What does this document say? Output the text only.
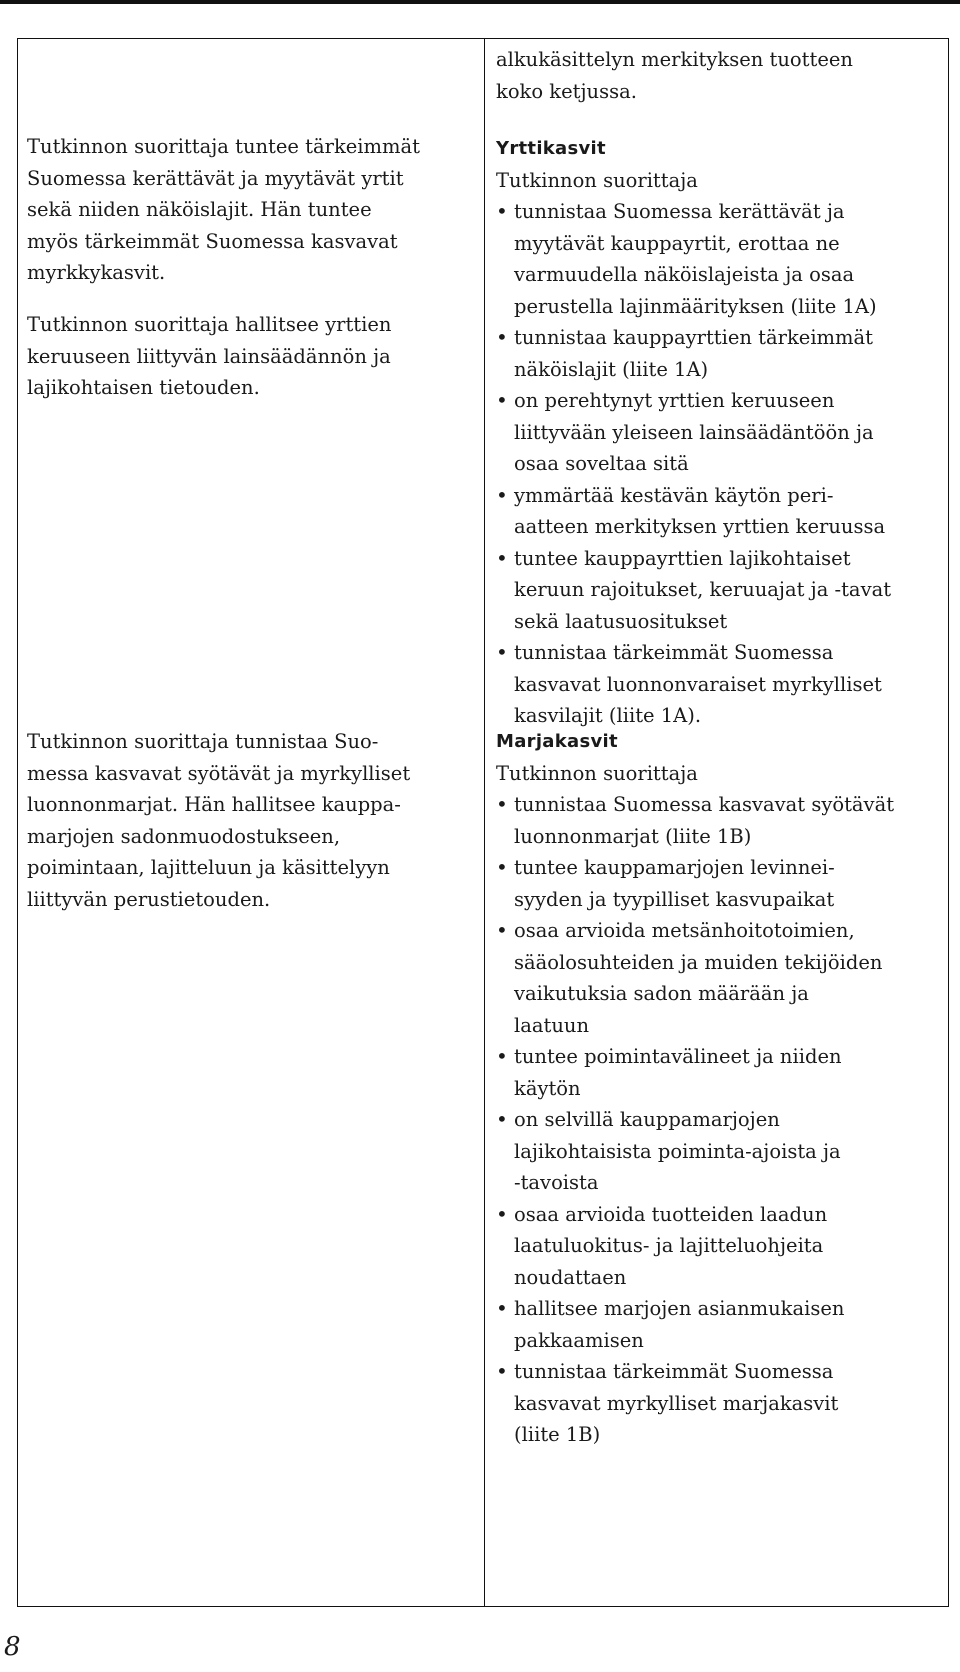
Tutkinnon suorittaja tuntee tärkeimmät
Suomessa kerättävät ja myytävät yrtit
sekä niiden näköislajit. Hän tuntee
myös tärkeimmät Suomessa kasvavat
myrkkykasvit.

Tutkinnon suorittaja hallitsee yrttien
keruuseen liittyvän lainsäädännön ja
lajikohtaisen tietouden.

Tutkinnon suorittaja tunnistaa Suo-
messa kasvavat syötävät ja myrkylliset
luonnonmarjat. Hän hallitsee kauppa-
marjojen sadonmuodostukseen,
poimintaan, lajitteluun ja käsittelyyn
liittyvän perustietouden.

alkukäsittelyn merkityksen tuotteen
koko ketjussa.
Yrttikasvit
Tutkinnon suorittaja
• tunnistaa Suomessa kerättävät ja
myytävät kauppayrtit, erottaa ne
varmuudella näköislajeista ja osaa
perustella lajinmäärityksen (liite 1A)
• tunnistaa kauppayrttien tärkeimmät
näköislajit (liite 1A)
• on perehtynyt yrttien keruuseen
liittyvään yleiseen lainsäädäntöön ja
osaa soveltaa sitä
• ymmärtää kestävän käytön peri-
aatteen merkityksen yrttien keruussa
• tuntee kauppayrttien lajikohtaiset
keruun rajoitukset, keruuajat ja -tavat
sekä laatusuositukset
• tunnistaa tärkeimmät Suomessa
kasvavat luonnonvaraiset myrkylliset
kasvilajit (liite 1A).
Marjakasvit
Tutkinnon suorittaja
• tunnistaa Suomessa kasvavat syötävät
luonnonmarjat (liite 1B)
• tuntee kauppamarjojen levinnei-
syyden ja tyypilliset kasvupaikat
• osaa arvioida metsänhoitotoimien,
sääolosuhteiden ja muiden tekijöiden
vaikutuksia sadon määrään ja
laatuun
• tuntee poimintavälineet ja niiden
käytön
• on selvillä kauppamarjojen
lajikohtaisista poiminta-ajoista ja
-tavoista
• osaa arvioida tuotteiden laadun
laatuluokitus- ja lajitteluohjeita
noudattaen
• hallitsee marjojen asianmukaisen
pakkaamisen
• tunnistaa tärkeimmät Suomessa
kasvavat myrkylliset marjakasvit
(liite 1B)
8
